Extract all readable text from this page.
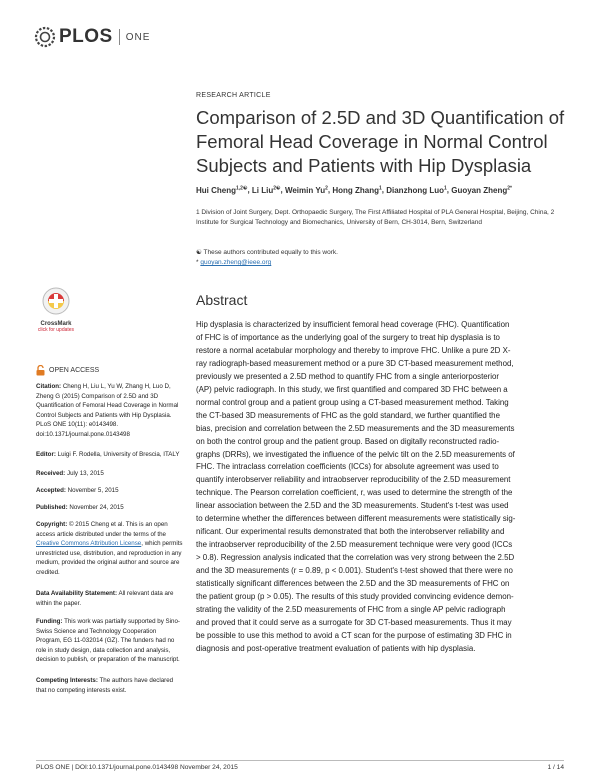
PLOS ONE
CrossMark
click for updates
OPEN ACCESS
Citation: Cheng H, Liu L, Yu W, Zhang H, Luo D, Zheng G (2015) Comparison of 2.5D and 3D Quantification of Femoral Head Coverage in Normal Control Subjects and Patients with Hip Dysplasia. PLoS ONE 10(11): e0143498. doi:10.1371/journal.pone.0143498
Editor: Luigi F. Rodella, University of Brescia, ITALY
Received: July 13, 2015
Accepted: November 5, 2015
Published: November 24, 2015
Copyright: © 2015 Cheng et al. This is an open access article distributed under the terms of the Creative Commons Attribution License, which permits unrestricted use, distribution, and reproduction in any medium, provided the original author and source are credited.
Data Availability Statement: All relevant data are within the paper.
Funding: This work was partially supported by Sino-Swiss Science and Technology Cooperation Program, EG 11-032014 (GZ). The funders had no role in study design, data collection and analysis, decision to publish, or preparation of the manuscript.
Competing Interests: The authors have declared that no competing interests exist.
RESEARCH ARTICLE
Comparison of 2.5D and 3D Quantification of Femoral Head Coverage in Normal Control Subjects and Patients with Hip Dysplasia
Hui Cheng$^{1,2☯}$, Li Liu$^{2☯}$, Weimin Yu$^2$, Hong Zhang$^1$, Dianzhong Luo$^1$, Guoyan Zheng$^{2*}$
1 Division of Joint Surgery, Dept. Orthopaedic Surgery, The First Affiliated Hospital of PLA General Hospital, Beijing, China, 2 Institute for Surgical Technology and Biomechanics, University of Bern, CH-3014, Bern, Switzerland
☯ These authors contributed equally to this work.
* guoyan.zheng@ieee.org
Abstract
Hip dysplasia is characterized by insufficient femoral head coverage (FHC). Quantification
of FHC is of importance as the underlying goal of the surgery to treat hip dysplasia is to
restore a normal acetabular morphology and thereby to improve FHC. Unlike a pure 2D X-
ray radiograph-based measurement method or a pure 3D CT-based measurement method,
previously we presented a 2.5D method to quantify FHC from a single anteriorposterior
(AP) pelvic radiograph. In this study, we first quantified and compared 3D FHC between a
normal control group and a patient group using a CT-based measurement method. Taking
the CT-based 3D measurements of FHC as the gold standard, we further quantified the
bias, precision and correlation between the 2.5D measurements and the 3D measurements
on both the control group and the patient group. Based on digitally reconstructed radio-
graphs (DRRs), we investigated the influence of the pelvic tilt on the 2.5D measurements of
FHC. The intraclass correlation coefficients (ICCs) for absolute agreement was used to
quantify interobserver reliability and intraobserver reproducibility of the 2.5D measurement
technique. The Pearson correlation coefficient, r, was used to determine the strength of the
linear association between the 2.5D and the 3D measurements. Student's t-test was used
to determine whether the differences between different measurements were statistically sig-
nificant. Our experimental results demonstrated that both the interobserver reliability and
the intraobserver reproducibility of the 2.5D measurement technique were very good (ICCs
> 0.8). Regression analysis indicated that the correlation was very strong between the 2.5D
and the 3D measurements (r = 0.89, p < 0.001). Student's t-test showed that there were no
statistically significant differences between the 2.5D and the 3D measurements of FHC on
the patient group (p > 0.05). The results of this study provided convincing evidence demon-
strating the validity of the 2.5D measurements of FHC from a single AP pelvic radiograph
and proved that it could serve as a surrogate for 3D CT-based measurements. Thus it may
be possible to use this method to avoid a CT scan for the purpose of estimating 3D FHC in
diagnosis and post-operative treatment evaluation of patients with hip dysplasia.
PLOS ONE | DOI:10.1371/journal.pone.0143498 November 24, 2015	1 / 14
